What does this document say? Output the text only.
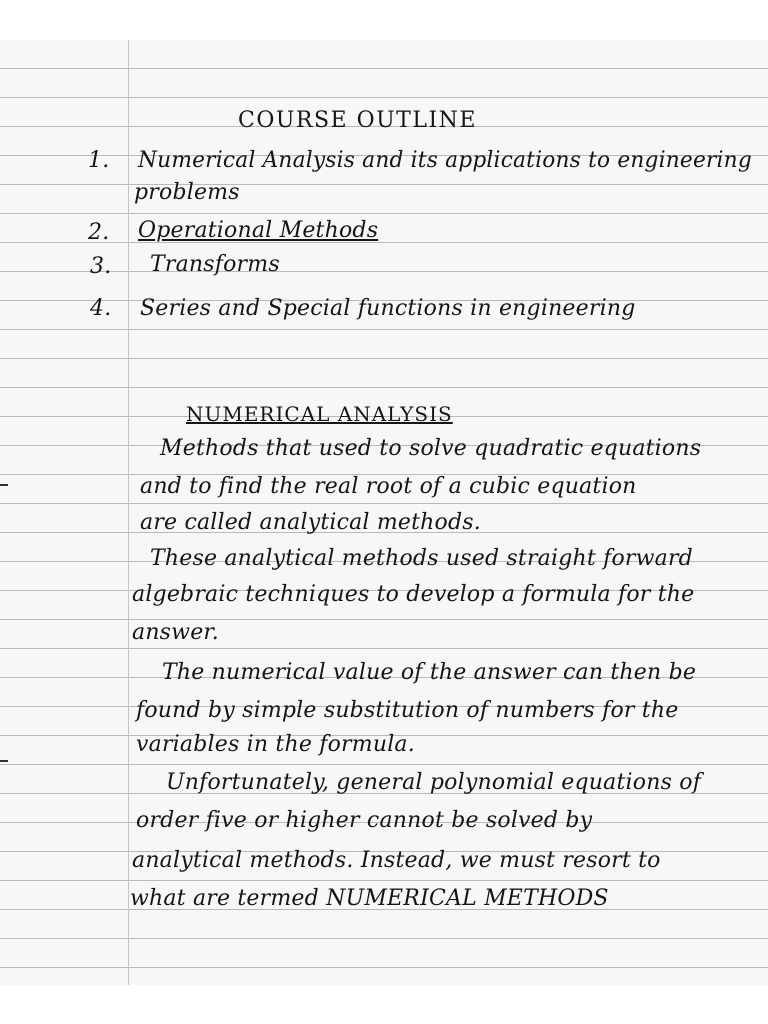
COURSE OUTLINE
1. Numerical Analysis and its applications to engineering
problems
2. Operational Methods
3. Transforms
4. Series and Special functions in engineering
NUMERICAL ANALYSIS
Methods that used to solve quadratic equations
and to find the real root of a cubic equation
are called analytical methods.
These analytical methods used straight forward
algebraic techniques to develop a formula for the
answer.
The numerical value of the answer can then be
found by simple substitution of numbers for the
variables in the formula.
Unfortunately, general polynomial equations of
order five or higher cannot be solved by
analytical methods. Instead, we must resort to
what are termed NUMERICAL METHODS
